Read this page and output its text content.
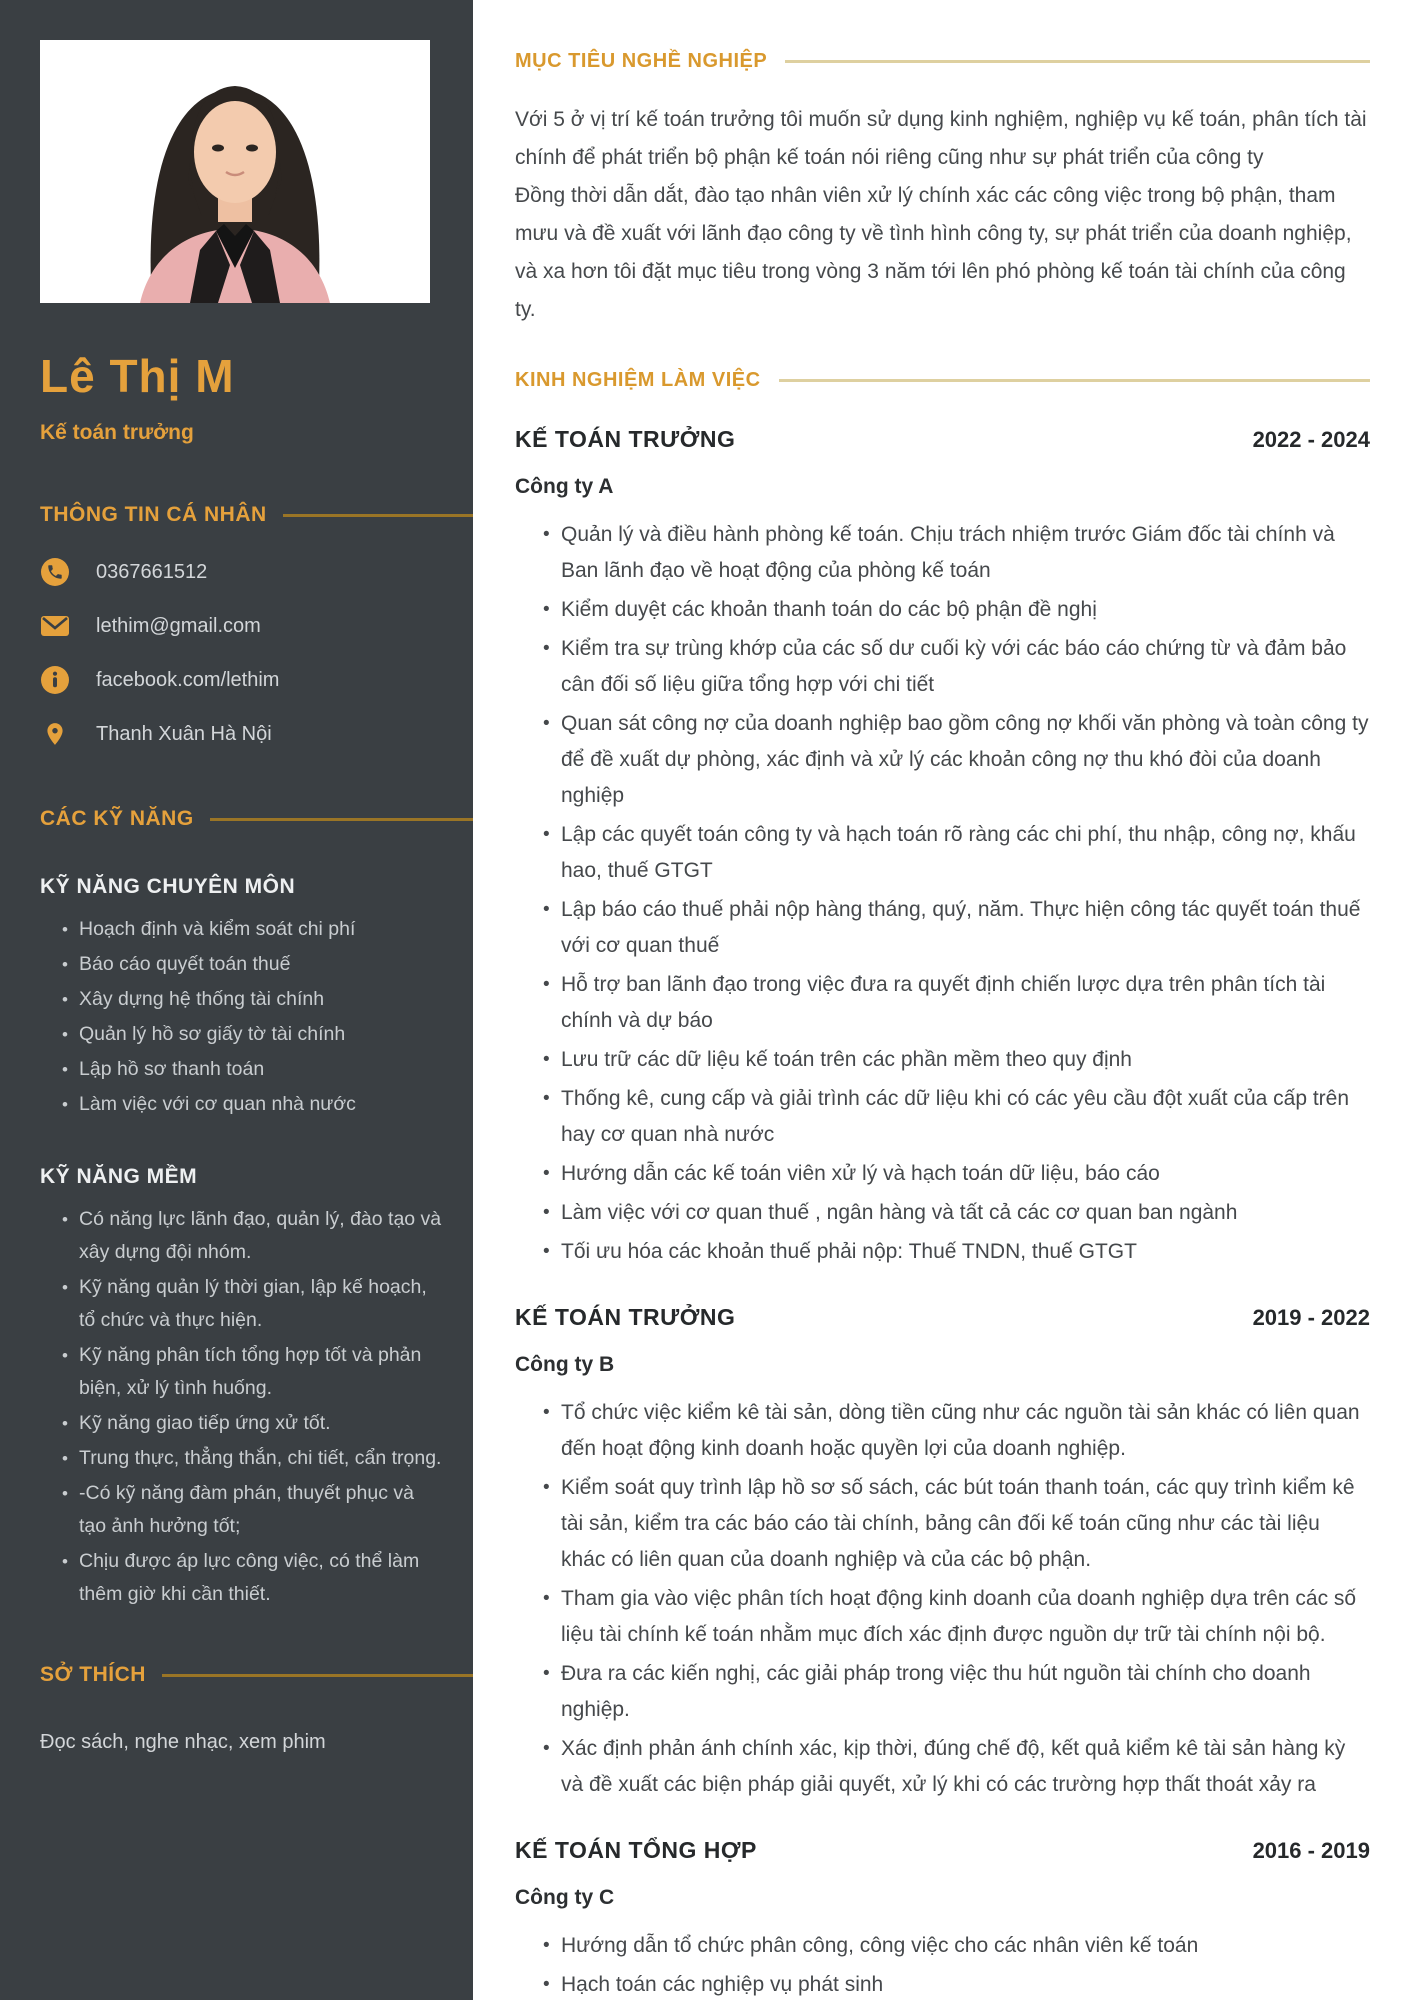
Lê Thị M
Kế toán trưởng
THÔNG TIN CÁ NHÂN
0367661512
lethim@gmail.com
facebook.com/lethim
Thanh Xuân Hà Nội
CÁC KỸ NĂNG
KỸ NĂNG CHUYÊN MÔN
• Hoạch định và kiểm soát chi phí
• Báo cáo quyết toán thuế
• Xây dựng hệ thống tài chính
• Quản lý hồ sơ giấy tờ tài chính
• Lập hồ sơ thanh toán
• Làm việc với cơ quan nhà nước
KỸ NĂNG MỀM
• Có năng lực lãnh đạo, quản lý, đào tạo và xây dựng đội nhóm.
• Kỹ năng quản lý thời gian, lập kế hoạch, tổ chức và thực hiện.
• Kỹ năng phân tích tổng hợp tốt và phản biện, xử lý tình huống.
• Kỹ năng giao tiếp ứng xử tốt.
• Trung thực, thẳng thắn, chi tiết, cẩn trọng.
• -Có kỹ năng đàm phán, thuyết phục và tạo ảnh hưởng tốt;
• Chịu được áp lực công việc, có thể làm thêm giờ khi cần thiết.
SỞ THÍCH
Đọc sách, nghe nhạc, xem phim
MỤC TIÊU NGHỀ NGHIỆP

Với 5 ở vị trí kế toán trưởng tôi muốn sử dụng kinh nghiệm, nghiệp vụ kế toán, phân tích tài chính để phát triển bộ phận kế toán nói riêng cũng như sự phát triển của công ty

Đồng thời dẫn dắt, đào tạo nhân viên xử lý chính xác các công việc trong bộ phận, tham mưu và đề xuất với lãnh đạo công ty về tình hình công ty, sự phát triển của doanh nghiệp, và xa hơn tôi đặt mục tiêu trong vòng 3 năm tới lên phó phòng kế toán tài chính của công ty.

KINH NGHIỆM LÀM VIỆC
KẾ TOÁN TRƯỞNG	2022 - 2024
Công ty A
• Quản lý và điều hành phòng kế toán. Chịu trách nhiệm trước Giám đốc tài chính và Ban lãnh đạo về hoạt động của phòng kế toán
• Kiểm duyệt các khoản thanh toán do các bộ phận đề nghị
• Kiểm tra sự trùng khớp của các số dư cuối kỳ với các báo cáo chứng từ và đảm bảo cân đối số liệu giữa tổng hợp với chi tiết
• Quan sát công nợ của doanh nghiệp bao gồm công nợ khối văn phòng và toàn công ty để đề xuất dự phòng, xác định và xử lý các khoản công nợ thu khó đòi của doanh nghiệp
• Lập các quyết toán công ty và hạch toán rõ ràng các chi phí, thu nhập, công nợ, khấu hao, thuế GTGT
• Lập báo cáo thuế phải nộp hàng tháng, quý, năm. Thực hiện công tác quyết toán thuế với cơ quan thuế
• Hỗ trợ ban lãnh đạo trong việc đưa ra quyết định chiến lược dựa trên phân tích tài chính và dự báo
• Lưu trữ các dữ liệu kế toán trên các phần mềm theo quy định
• Thống kê, cung cấp và giải trình các dữ liệu khi có các yêu cầu đột xuất của cấp trên hay cơ quan nhà nước
• Hướng dẫn các kế toán viên xử lý và hạch toán dữ liệu, báo cáo
• Làm việc với cơ quan thuế , ngân hàng và tất cả các cơ quan ban ngành
• Tối ưu hóa các khoản thuế phải nộp: Thuế TNDN, thuế GTGT
KẾ TOÁN TRƯỞNG	2019 - 2022
Công ty B
• Tổ chức việc kiểm kê tài sản, dòng tiền cũng như các nguồn tài sản khác có liên quan đến hoạt động kinh doanh hoặc quyền lợi của doanh nghiệp.
• Kiểm soát quy trình lập hồ sơ số sách, các bút toán thanh toán, các quy trình kiểm kê tài sản, kiểm tra các báo cáo tài chính, bảng cân đối kế toán cũng như các tài liệu khác có liên quan của doanh nghiệp và của các bộ phận.
• Tham gia vào việc phân tích hoạt động kinh doanh của doanh nghiệp dựa trên các số liệu tài chính kế toán nhằm mục đích xác định được nguồn dự trữ tài chính nội bộ.
• Đưa ra các kiến nghị, các giải pháp trong việc thu hút nguồn tài chính cho doanh nghiệp.
• Xác định phản ánh chính xác, kịp thời, đúng chế độ, kết quả kiểm kê tài sản hàng kỳ và đề xuất các biện pháp giải quyết, xử lý khi có các trường hợp thất thoát xảy ra
KẾ TOÁN TỔNG HỢP	2016 - 2019
Công ty C
• Hướng dẫn tổ chức phân công, công việc cho các nhân viên kế toán
• Hạch toán các nghiệp vụ phát sinh
